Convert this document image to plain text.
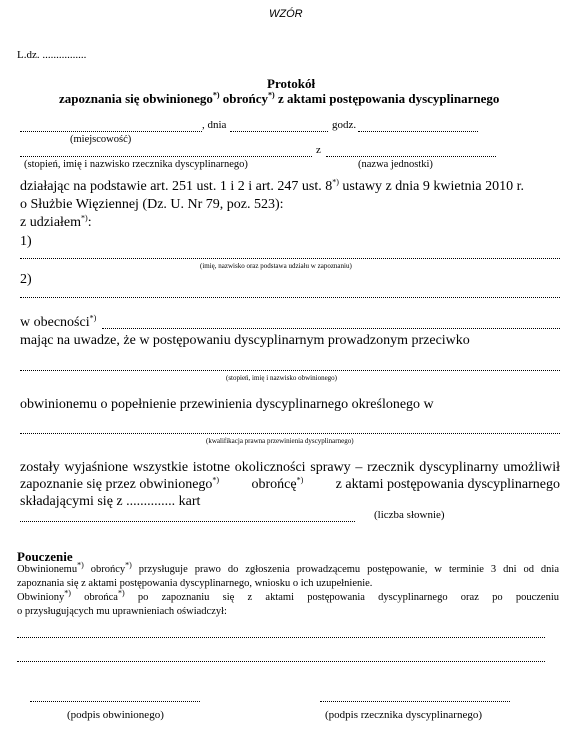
WZÓR
L.dz. ................
Protokół
zapoznania się obwinionego*) obrońcy*) z aktami postępowania dyscyplinarnego
, dnia	godz.
(miejscowość)
z
(stopień, imię i nazwisko rzecznika dyscyplinarnego)	(nazwa jednostki)
działając na podstawie art. 251 ust. 1 i 2 i art. 247 ust. 8*) ustawy z dnia 9 kwietnia 2010 r.
o Służbie Więziennej (Dz. U. Nr 79, poz. 523):
z udziałem*):
1)
(imię, nazwisko oraz podstawa udziału w zapoznaniu)
2)
w obecności*)
mając na uwadze, że w postępowaniu dyscyplinarnym prowadzonym przeciwko
(stopień, imię i nazwisko obwinionego)
obwinionemu o popełnienie przewinienia dyscyplinarnego określonego w
(kwalifikacja prawna przewinienia dyscyplinarnego)
zostały wyjaśnione wszystkie istotne okoliczności sprawy – rzecznik dyscyplinarny umożliwił
zapoznanie się przez obwinionego*) obrońcę*) z aktami postępowania dyscyplinarnego
składającymi się z .............. kart
(liczba słownie)
Pouczenie
Obwinionemu*) obrońcy*) przysługuje prawo do zgłoszenia prowadzącemu postępowanie, w terminie 3 dni od dnia
zapoznania się z aktami postępowania dyscyplinarnego, wniosku o ich uzupełnienie.
Obwiniony*) obrońca*) po zapoznaniu się z aktami postępowania dyscyplinarnego oraz po pouczeniu
o przysługujących mu uprawnieniach oświadczył:
(podpis obwinionego)	(podpis rzecznika dyscyplinarnego)
